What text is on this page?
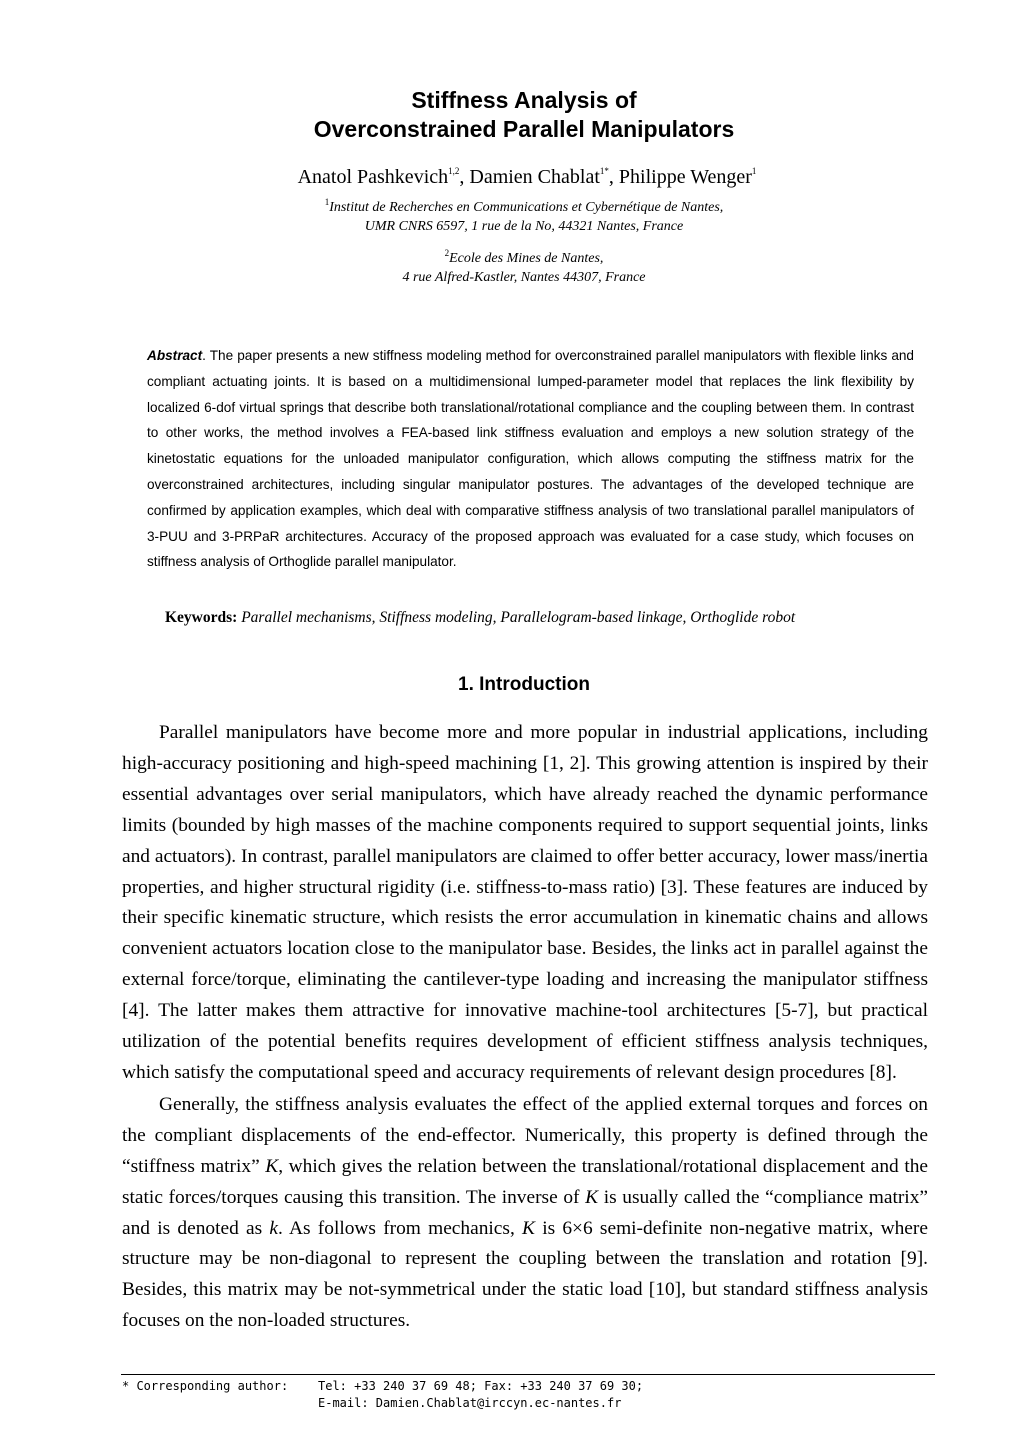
Stiffness Analysis of
Overconstrained Parallel Manipulators
Anatol Pashkevich$^{1,2}$, Damien Chablat$^{1*}$, Philippe Wenger$^1$
$^1$Institut de Recherches en Communications et Cybernétique de Nantes,
UMR CNRS 6597, 1 rue de la No, 44321 Nantes, France
$^2$Ecole des Mines de Nantes,
4 rue Alfred-Kastler, Nantes 44307, France
Abstract. The paper presents a new stiffness modeling method for overconstrained parallel manipulators with flexible links and compliant actuating joints. It is based on a multidimensional lumped-parameter model that replaces the link flexibility by localized 6-dof virtual springs that describe both translational/rotational compliance and the coupling between them. In contrast to other works, the method involves a FEA-based link stiffness evaluation and employs a new solution strategy of the kinetostatic equations for the unloaded manipulator configuration, which allows computing the stiffness matrix for the overconstrained architectures, including singular manipulator postures. The advantages of the developed technique are confirmed by application examples, which deal with comparative stiffness analysis of two translational parallel manipulators of 3-PUU and 3-PRPaR architectures. Accuracy of the proposed approach was evaluated for a case study, which focuses on stiffness analysis of Orthoglide parallel manipulator.
Keywords: Parallel mechanisms, Stiffness modeling, Parallelogram-based linkage, Orthoglide robot
1. Introduction

Parallel manipulators have become more and more popular in industrial applications, including high-accuracy positioning and high-speed machining [1, 2]. This growing attention is inspired by their essential advantages over serial manipulators, which have already reached the dynamic performance limits (bounded by high masses of the machine components required to support sequential joints, links and actuators). In contrast, parallel manipulators are claimed to offer better accuracy, lower mass/inertia properties, and higher structural rigidity (i.e. stiffness-to-mass ratio) [3]. These features are induced by their specific kinematic structure, which resists the error accumulation in kinematic chains and allows convenient actuators location close to the manipulator base. Besides, the links act in parallel against the external force/torque, eliminating the cantilever-type loading and increasing the manipulator stiffness [4]. The latter makes them attractive for innovative machine-tool architectures [5-7], but practical utilization of the potential benefits requires development of efficient stiffness analysis techniques, which satisfy the computational speed and accuracy requirements of relevant design procedures [8].

Generally, the stiffness analysis evaluates the effect of the applied external torques and forces on the compliant displacements of the end-effector. Numerically, this property is defined through the “stiffness matrix” K, which gives the relation between the translational/rotational displacement and the static forces/torques causing this transition. The inverse of K is usually called the “compliance matrix” and is denoted as k. As follows from mechanics, K is 6×6 semi-definite non-negative matrix, where structure may be non-diagonal to represent the coupling between the translation and rotation [9]. Besides, this matrix may be not-symmetrical under the static load [10], but standard stiffness analysis focuses on the non-loaded structures.

* Corresponding author:	Tel: +33 240 37 69 48; Fax: +33 240 37 69 30;
E-mail: Damien.Chablat@irccyn.ec-nantes.fr
